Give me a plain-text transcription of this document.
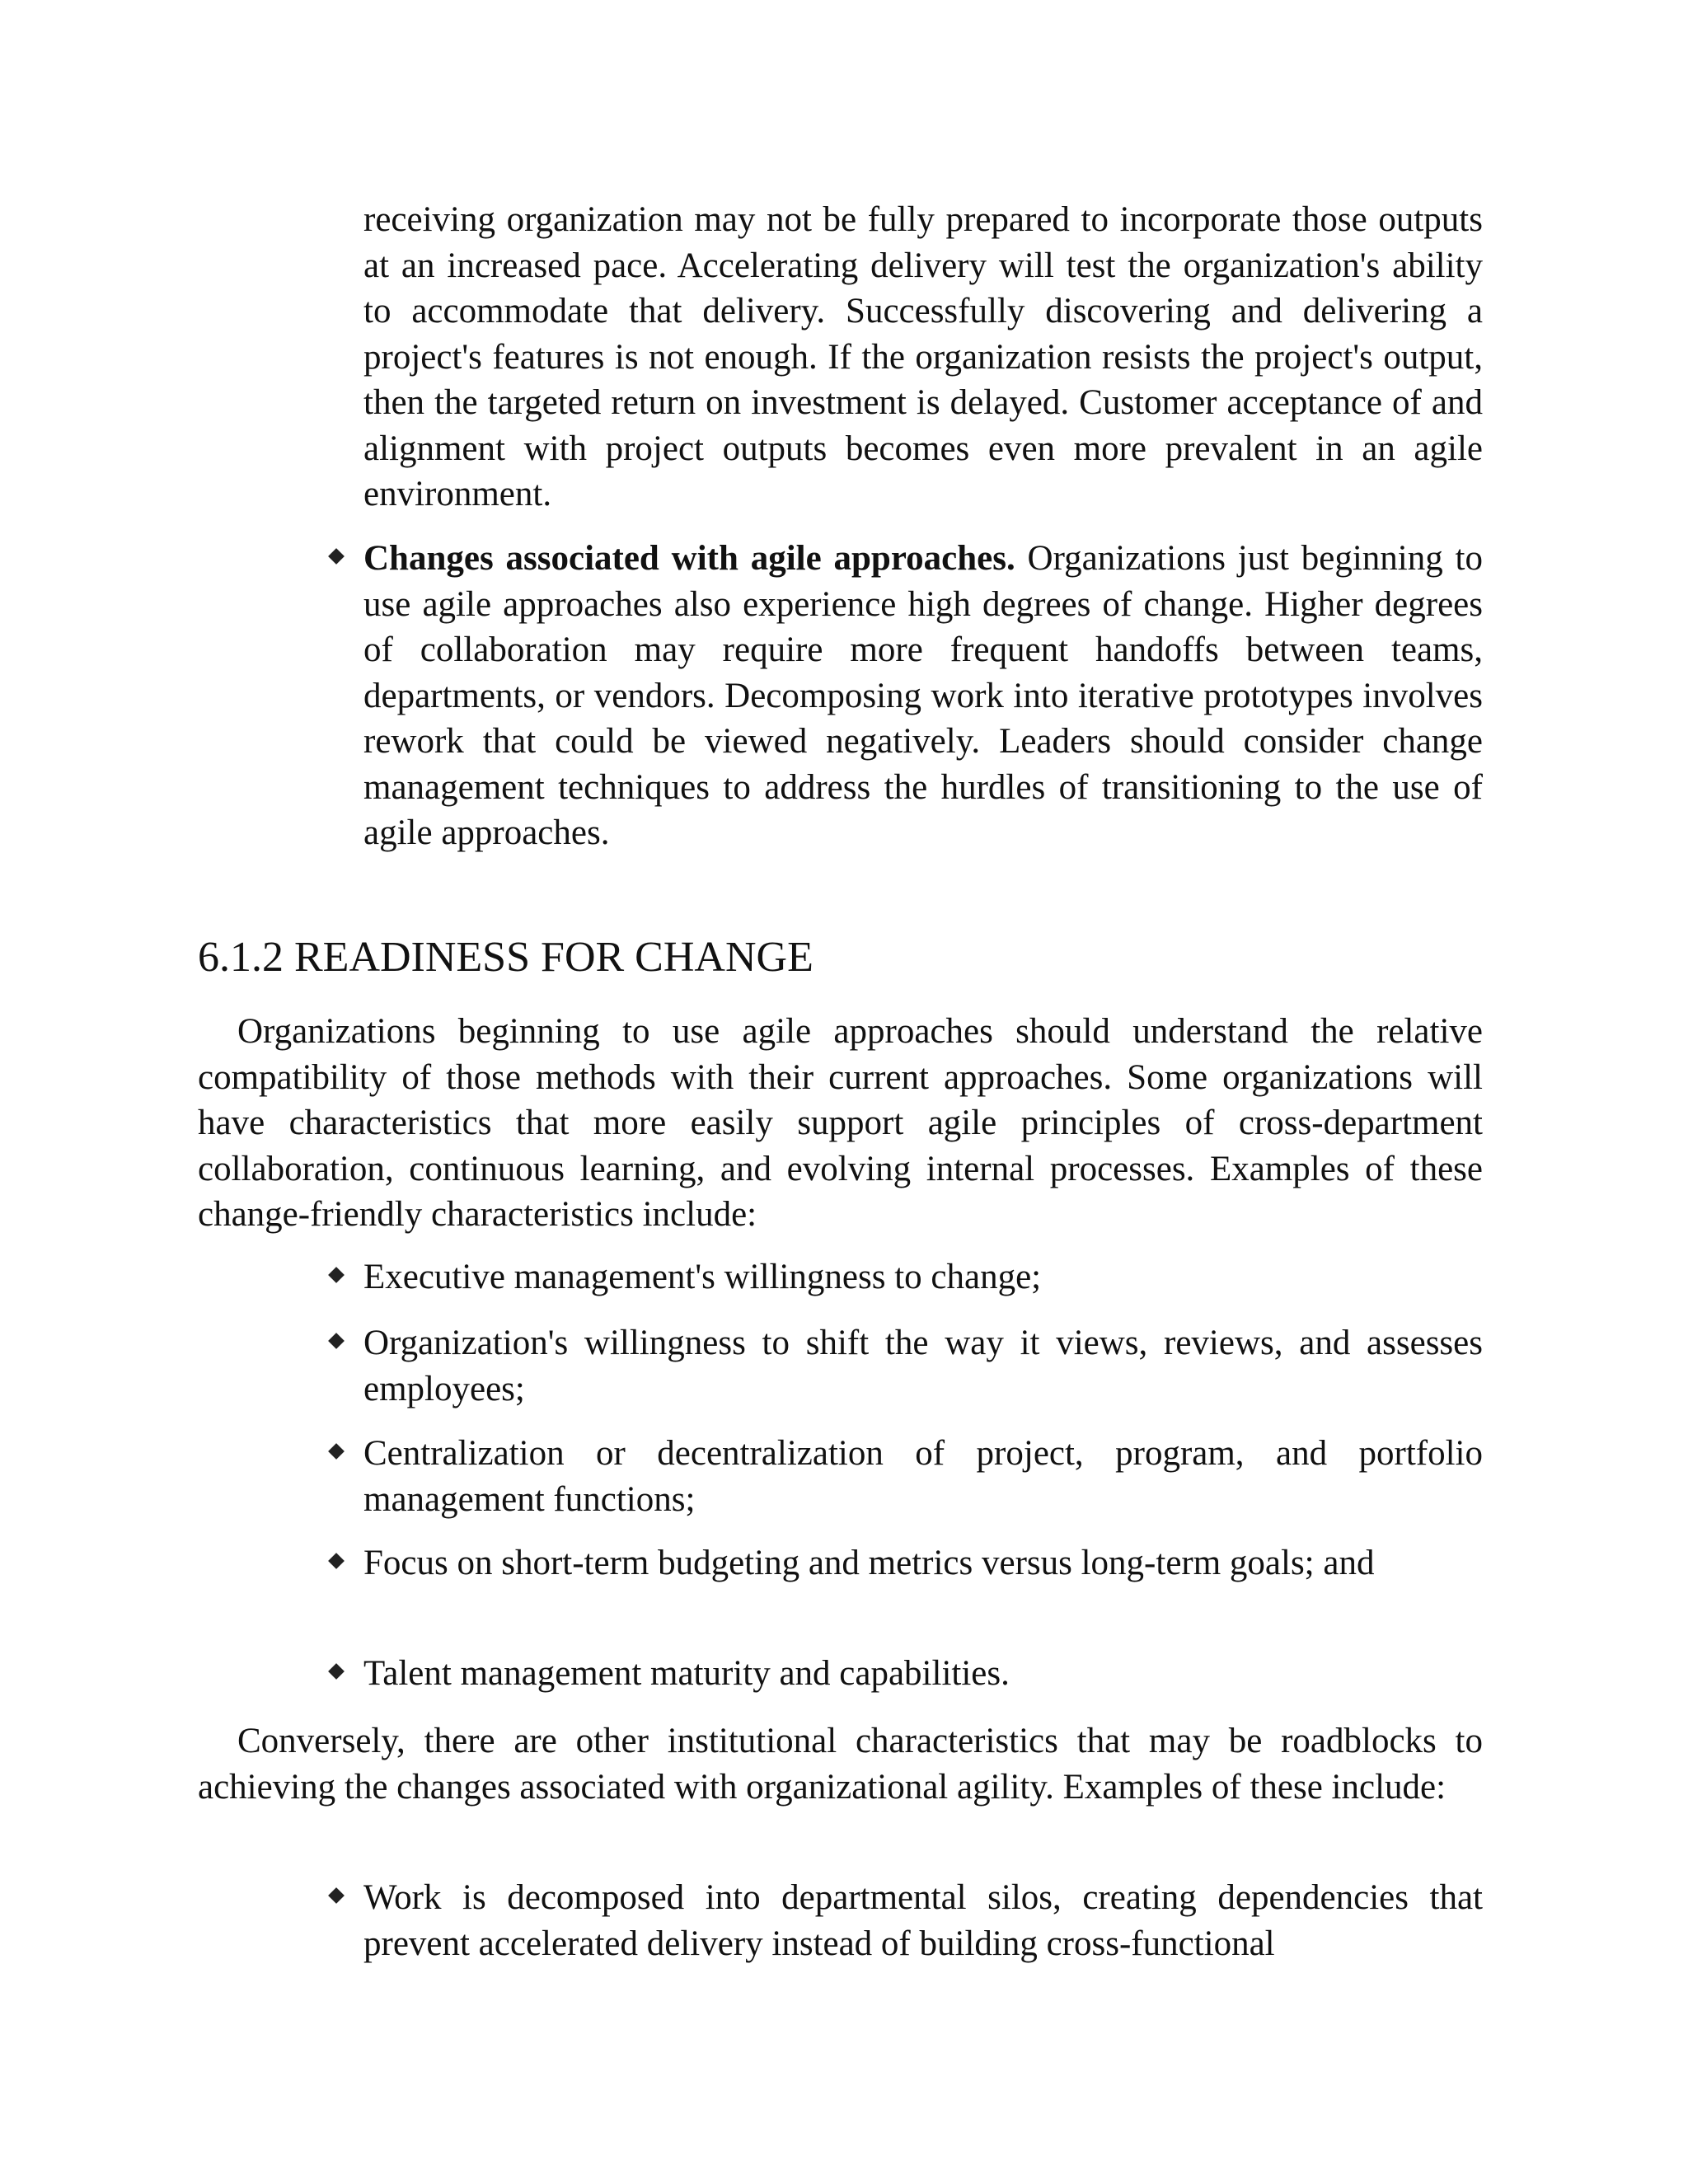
receiving organization may not be fully prepared to incorporate those outputs at an increased pace. Accelerating delivery will test the organization's ability to accommodate that delivery. Successfully discovering and delivering a project's features is not enough. If the organization resists the project's output, then the targeted return on investment is delayed. Customer acceptance of and alignment with project outputs becomes even more prevalent in an agile environment.

Changes associated with agile approaches. Organizations just beginning to use agile approaches also experience high degrees of change. Higher degrees of collaboration may require more frequent handoffs between teams, departments, or vendors. Decomposing work into iterative prototypes involves rework that could be viewed negatively. Leaders should consider change management techniques to address the hurdles of transitioning to the use of agile approaches.

6.1.2 READINESS FOR CHANGE

Organizations beginning to use agile approaches should understand the relative compatibility of those methods with their current approaches. Some organizations will have characteristics that more easily support agile principles of cross-department collaboration, continuous learning, and evolving internal processes. Examples of these change-friendly characteristics include:

Executive management's willingness to change;

Organization's willingness to shift the way it views, reviews, and assesses employees;

Centralization or decentralization of project, program, and portfolio management functions;

Focus on short-term budgeting and metrics versus long-term goals; and

Talent management maturity and capabilities.

Conversely, there are other institutional characteristics that may be roadblocks to achieving the changes associated with organizational agility. Examples of these include:

Work is decomposed into departmental silos, creating dependencies that prevent accelerated delivery instead of building cross-functional
